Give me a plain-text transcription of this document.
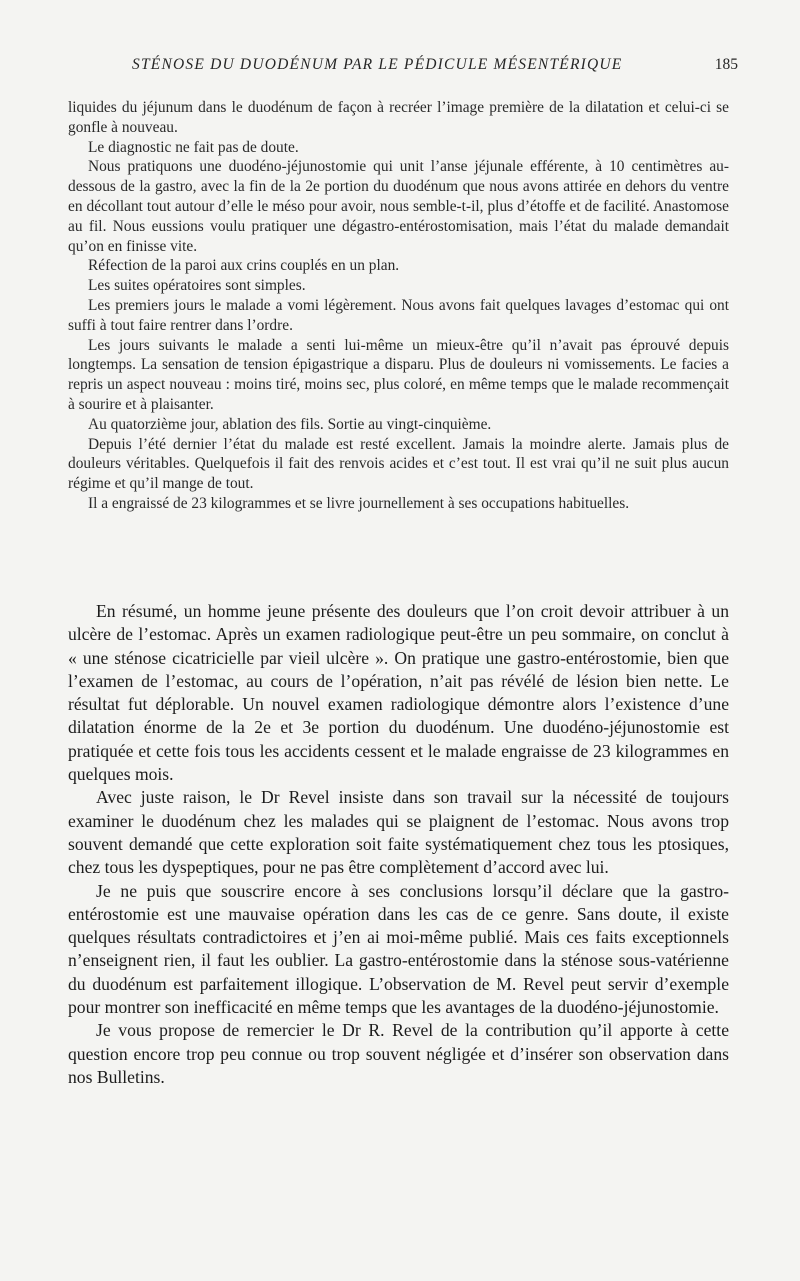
STÉNOSE DU DUODÉNUM PAR LE PÉDICULE MÉSENTÉRIQUE	185

liquides du jéjunum dans le duodénum de façon à recréer l’image première de la dilatation et celui-ci se gonfle à nouveau.

Le diagnostic ne fait pas de doute.

Nous pratiquons une duodéno-jéjunostomie qui unit l’anse jéjunale efférente, à 10 centimètres au-dessous de la gastro, avec la fin de la 2e portion du duodénum que nous avons attirée en dehors du ventre en décollant tout autour d’elle le méso pour avoir, nous semble-t-il, plus d’étoffe et de facilité. Anastomose au fil. Nous eussions voulu pratiquer une dégastro-entérostomisation, mais l’état du malade demandait qu’on en finisse vite.

Réfection de la paroi aux crins couplés en un plan.

Les suites opératoires sont simples.

Les premiers jours le malade a vomi légèrement. Nous avons fait quelques lavages d’estomac qui ont suffi à tout faire rentrer dans l’ordre.

Les jours suivants le malade a senti lui-même un mieux-être qu’il n’avait pas éprouvé depuis longtemps. La sensation de tension épigastrique a disparu. Plus de douleurs ni vomissements. Le facies a repris un aspect nouveau : moins tiré, moins sec, plus coloré, en même temps que le malade recommençait à sourire et à plaisanter.

Au quatorzième jour, ablation des fils. Sortie au vingt-cinquième.

Depuis l’été dernier l’état du malade est resté excellent. Jamais la moindre alerte. Jamais plus de douleurs véritables. Quelquefois il fait des renvois acides et c’est tout. Il est vrai qu’il ne suit plus aucun régime et qu’il mange de tout.

Il a engraissé de 23 kilogrammes et se livre journellement à ses occupations habituelles.

En résumé, un homme jeune présente des douleurs que l’on croit devoir attribuer à un ulcère de l’estomac. Après un examen radiologique peut-être un peu sommaire, on conclut à « une sténose cicatricielle par vieil ulcère ». On pratique une gastro-entérostomie, bien que l’examen de l’estomac, au cours de l’opération, n’ait pas révélé de lésion bien nette. Le résultat fut déplorable. Un nouvel examen radiologique démontre alors l’existence d’une dilatation énorme de la 2e et 3e portion du duodénum. Une duodéno-jéjunostomie est pratiquée et cette fois tous les accidents cessent et le malade engraisse de 23 kilogrammes en quelques mois.

Avec juste raison, le Dr Revel insiste dans son travail sur la nécessité de toujours examiner le duodénum chez les malades qui se plaignent de l’estomac. Nous avons trop souvent demandé que cette exploration soit faite systématiquement chez tous les ptosiques, chez tous les dyspeptiques, pour ne pas être complètement d’accord avec lui.

Je ne puis que souscrire encore à ses conclusions lorsqu’il déclare que la gastro-entérostomie est une mauvaise opération dans les cas de ce genre. Sans doute, il existe quelques résultats contradictoires et j’en ai moi-même publié. Mais ces faits exceptionnels n’enseignent rien, il faut les oublier. La gastro-entérostomie dans la sténose sous-vatérienne du duodénum est parfaitement illogique. L’observation de M. Revel peut servir d’exemple pour montrer son inefficacité en même temps que les avantages de la duodéno-jéjunostomie.

Je vous propose de remercier le Dr R. Revel de la contribution qu’il apporte à cette question encore trop peu connue ou trop souvent négligée et d’insérer son observation dans nos Bulletins.
